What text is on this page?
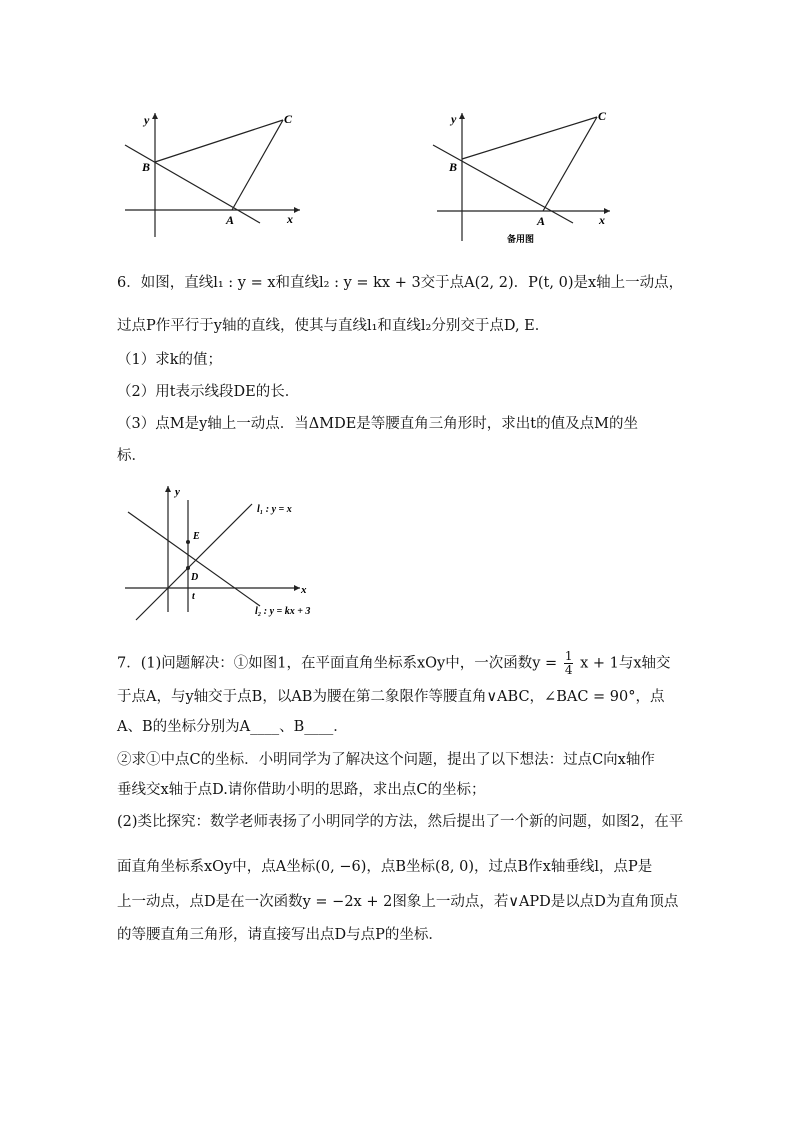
y
x
B
A
C	y
x
B
A
C
备用图
6．如图，直线l₁ : y = x和直线l₂ : y = kx + 3交于点A(2, 2)．P(t, 0)是x轴上一动点，
过点P作平行于y轴的直线，使其与直线l₁和直线l₂分别交于点D, E．
（1）求k的值；
（2）用t表示线段DE的长．
（3）点M是y轴上一动点．当ΔMDE是等腰直角三角形时，求出t的值及点M的坐
标．
y
x
E
D
t
l₁ : y = x
l₂ : y = kx + 3
7．(1)问题解决：①如图1，在平面直角坐标系xOy中，一次函数$y = \frac{1}{4}$ x + 1与x轴交
于点A，与y轴交于点B，以AB为腰在第二象限作等腰直角∨ABC，∠BAC = 90°，点
A、B的坐标分别为A____、B____．
②求①中点C的坐标．小明同学为了解决这个问题，提出了以下想法：过点C向x轴作
垂线交x轴于点D.请你借助小明的思路，求出点C的坐标；
(2)类比探究：数学老师表扬了小明同学的方法，然后提出了一个新的问题，如图2，在平
面直角坐标系xOy中，点A坐标(0, −6)，点B坐标(8, 0)，过点B作x轴垂线l，点P是
上一动点，点D是在一次函数y = −2x + 2图象上一动点，若∨APD是以点D为直角顶点
的等腰直角三角形，请直接写出点D与点P的坐标．
